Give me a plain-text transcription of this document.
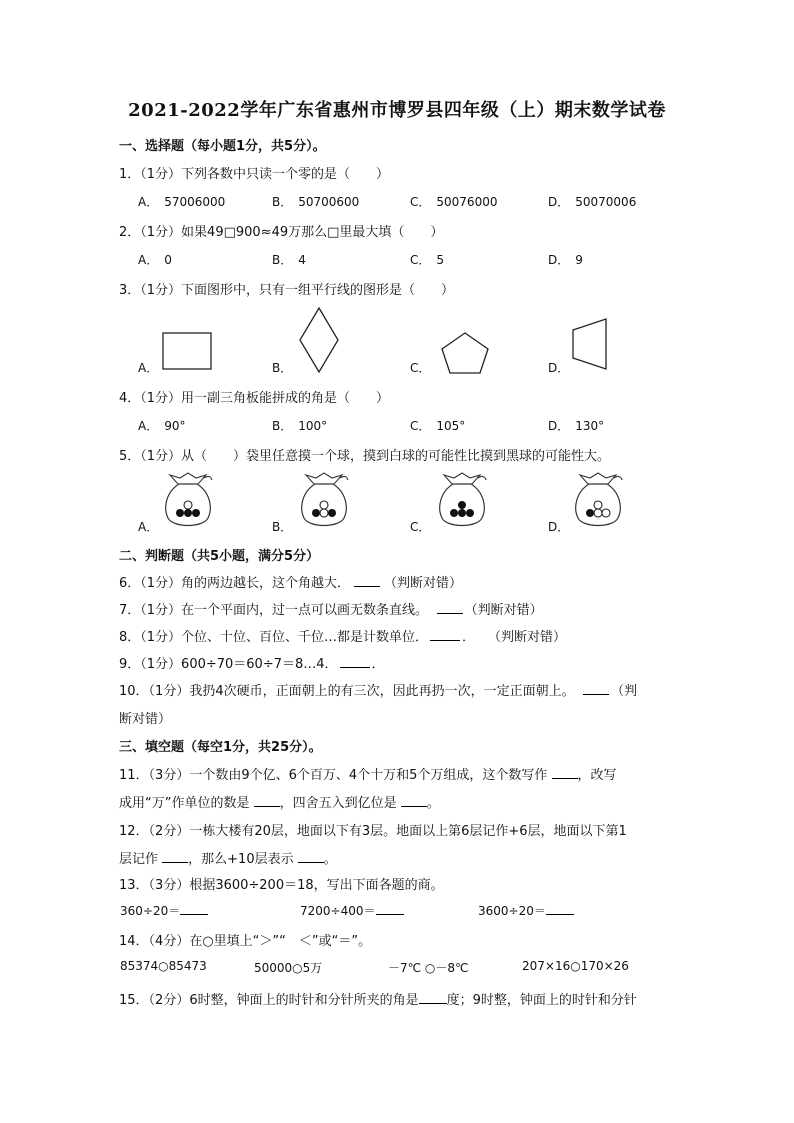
2021-2022学年广东省惠州市博罗县四年级（上）期末数学试卷
一、选择题（每小题1分，共5分）。
1．（1分）下列各数中只读一个零的是（　　）
A． 57006000	B． 50700600	C． 50076000	D． 50070006
2．（1分）如果49□900≈49万那么□里最大填（　　）
A． 0	B． 4	C． 5	D． 9
3．（1分）下面图形中，只有一组平行线的图形是（　　）
A．	B．	C．	D．
4．（1分）用一副三角板能拼成的角是（　　）
A． 90°	B． 100°	C． 105°	D． 130°
5．（1分）从（　　）袋里任意摸一个球，摸到白球的可能性比摸到黑球的可能性大。
A．	B．	C．	D．
二、判断题（共5小题，满分5分）
6．（1分）角的两边越长，这个角越大．	（判断对错）
7．（1分）在一个平面内，过一点可以画无数条直线。　	（判断对错）
8．（1分）个位、十位、百位、千位…都是计数单位．	．　　（判断对错）
9．（1分）600÷70＝60÷7＝8…4．	．
10．（1分）我扔4次硬币，正面朝上的有三次，因此再扔一次，一定正面朝上。　	（判
断对错）
三、填空题（每空1分，共25分）。
11．（3分）一个数由9个亿、6个百万、4个十万和5个万组成，这个数写作 ，改写
成用“万”作单位的数是 ，四舍五入到亿位是 。
12．（2分）一栋大楼有20层，地面以下有3层。地面以上第6层记作+6层，地面以下第1
层记作 ，那么+10层表示 。
13．（3分）根据3600÷200＝18，写出下面各题的商。
360÷20＝	7200÷400＝	3600÷20＝
14．（4分）在○里填上“＞”“　＜”或“＝”。
85374○85473	50000○5万	－7℃ ○－8℃	207×16○170×26
15．（2分）6时整，钟面上的时针和分针所夹的角是 度；9时整，钟面上的时针和分针
